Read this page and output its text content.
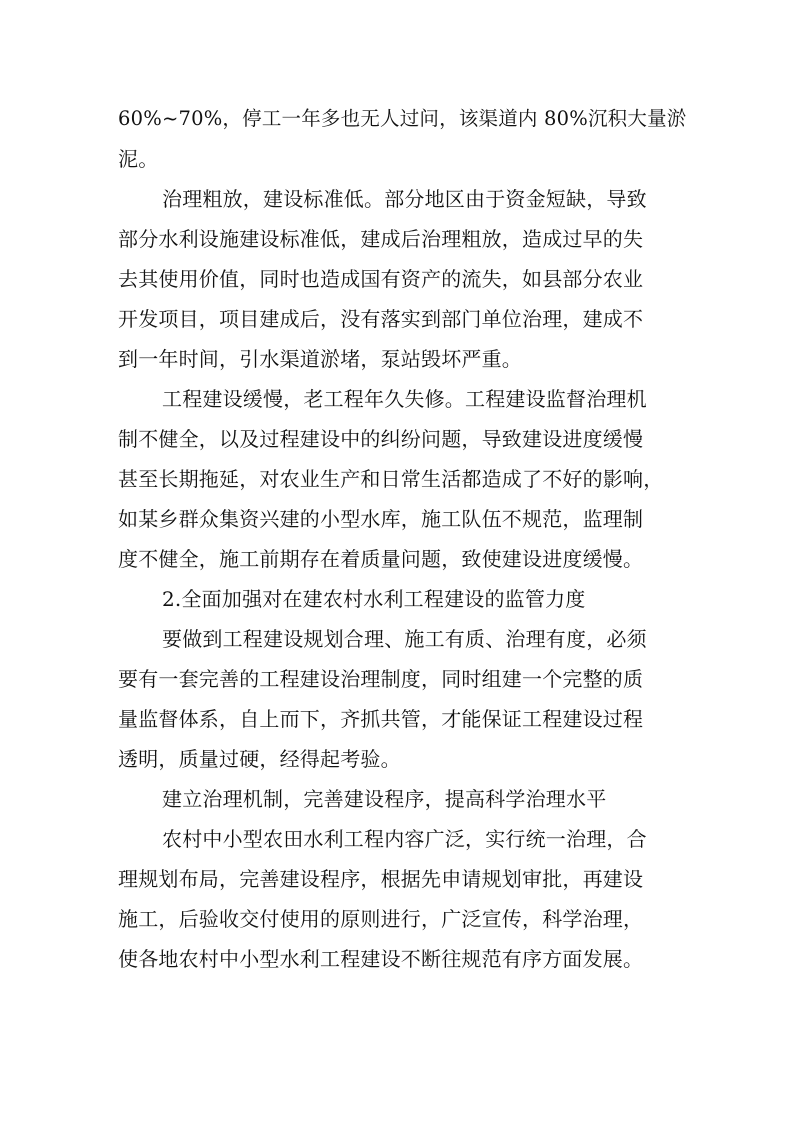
60%~70%，停工一年多也无人过问，该渠道内 80%沉积大量淤
泥。
治理粗放，建设标准低。部分地区由于资金短缺，导致
部分水利设施建设标准低，建成后治理粗放，造成过早的失
去其使用价值，同时也造成国有资产的流失，如县部分农业
开发项目，项目建成后，没有落实到部门单位治理，建成不
到一年时间，引水渠道淤堵，泵站毁坏严重。
工程建设缓慢，老工程年久失修。工程建设监督治理机
制不健全，以及过程建设中的纠纷问题，导致建设进度缓慢
甚至长期拖延，对农业生产和日常生活都造成了不好的影响，
如某乡群众集资兴建的小型水库，施工队伍不规范，监理制
度不健全，施工前期存在着质量问题，致使建设进度缓慢。
2.全面加强对在建农村水利工程建设的监管力度
要做到工程建设规划合理、施工有质、治理有度，必须
要有一套完善的工程建设治理制度，同时组建一个完整的质
量监督体系，自上而下，齐抓共管，才能保证工程建设过程
透明，质量过硬，经得起考验。
建立治理机制，完善建设程序，提高科学治理水平
农村中小型农田水利工程内容广泛，实行统一治理，合
理规划布局，完善建设程序，根据先申请规划审批，再建设
施工，后验收交付使用的原则进行，广泛宣传，科学治理，
使各地农村中小型水利工程建设不断往规范有序方面发展。
